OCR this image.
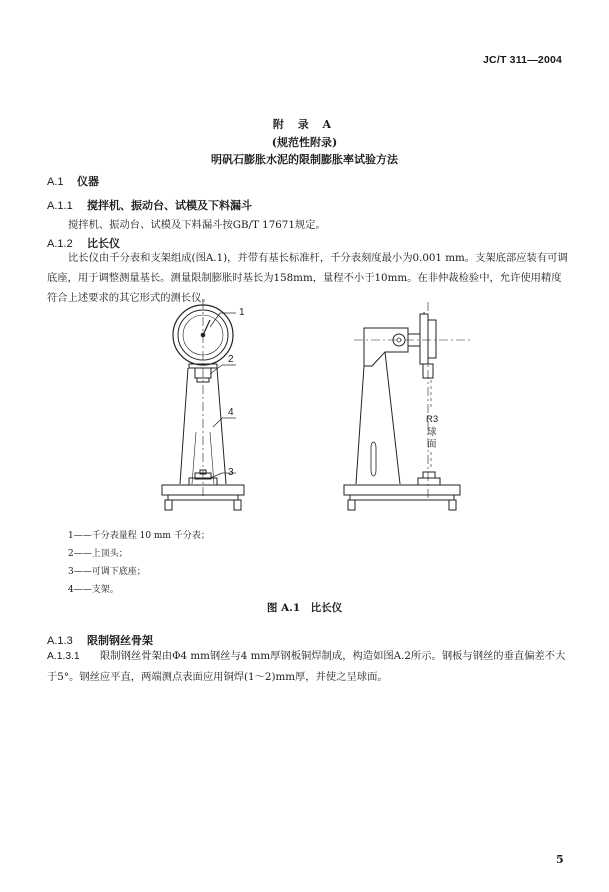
JC/T 311—2004
附 录 A
(规范性附录)
明矾石膨胀水泥的限制膨胀率试验方法
A.1 仪器
A.1.1 搅拌机、振动台、试模及下料漏斗
搅拌机、振动台、试模及下料漏斗按GB/T 17671规定。
A.1.2 比长仪
比长仪由千分表和支架组成(图A.1)，并带有基长标准杆，千分表刻度最小为0.001 mm。支架底部应装有可调底座，用于调整测量基长。测量限制膨胀时基长为158mm，量程不小于10mm。在非仲裁检验中，允许使用精度符合上述要求的其它形式的测长仪。
1
2
4
3
R3
球
面
1——千分表量程 10 mm 千分表；
2——上顶头；
3——可调下底座；
4——支架。
图 A.1　比长仪
A.1.3 限制钢丝骨架
A.1.3.1 限制钢丝骨架由Φ4 mm钢丝与4 mm厚钢板铜焊制成，构造如图A.2所示。钢板与钢丝的垂直偏差不大于5°。钢丝应平直，两端测点表面应用铜焊(1～2)mm厚，并使之呈球面。
5
